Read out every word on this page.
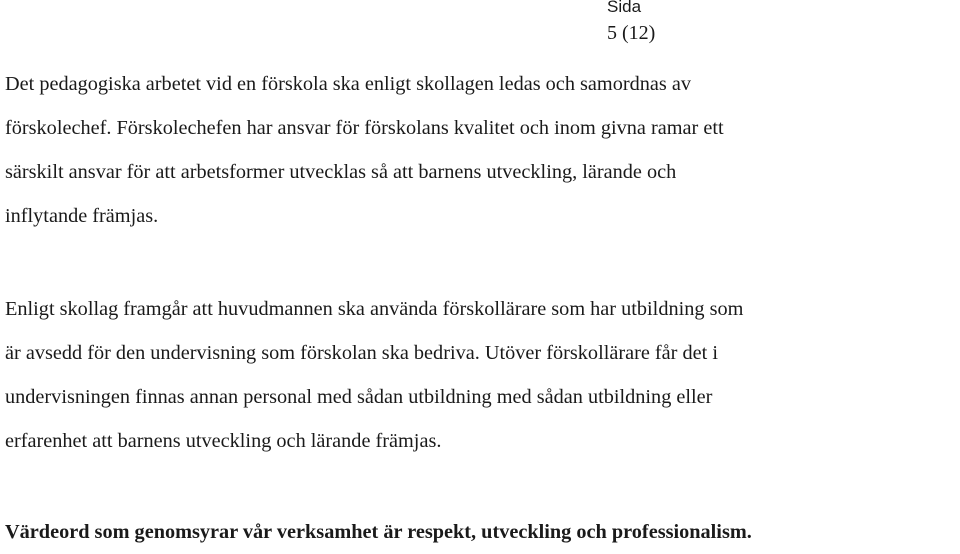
Sida
5 (12)

Det pedagogiska arbetet vid en förskola ska enligt skollagen ledas och samordnas av
förskolechef. Förskolechefen har ansvar för förskolans kvalitet och inom givna ramar ett
särskilt ansvar för att arbetsformer utvecklas så att barnens utveckling, lärande och
inflytande främjas.

Enligt skollag framgår att huvudmannen ska använda förskollärare som har utbildning som
är avsedd för den undervisning som förskolan ska bedriva. Utöver förskollärare får det i
undervisningen finnas annan personal med sådan utbildning med sådan utbildning eller
erfarenhet att barnens utveckling och lärande främjas.

Värdeord som genomsyrar vår verksamhet är respekt, utveckling och professionalism.
